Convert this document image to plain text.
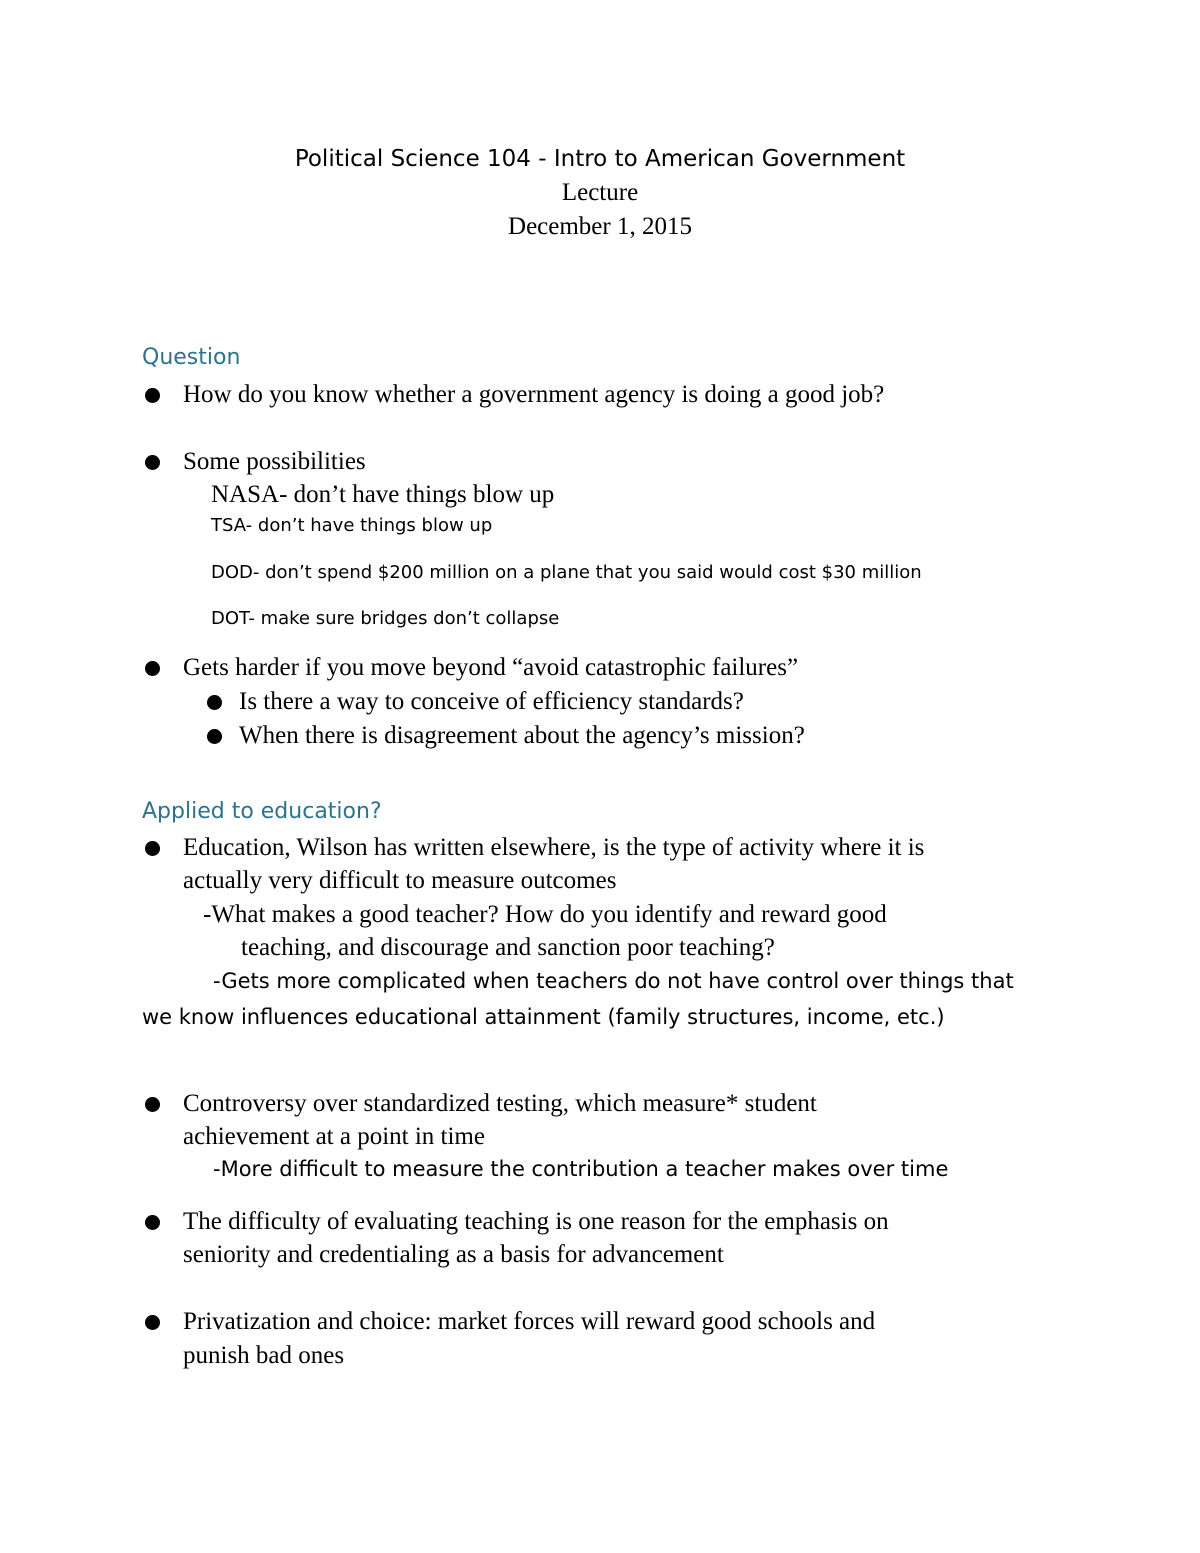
Political Science 104 - Intro to American Government
Lecture
December 1, 2015
Question
How do you know whether a government agency is doing a good job?
Some possibilities
NASA- don’t have things blow up
TSA- don’t have things blow up
DOD- don’t spend $200 million on a plane that you said would cost $30 million
DOT- make sure bridges don’t collapse
Gets harder if you move beyond “avoid catastrophic failures”
Is there a way to conceive of efficiency standards?
When there is disagreement about the agency’s mission?
Applied to education?
Education, Wilson has written elsewhere, is the type of activity where it is
actually very difficult to measure outcomes
-What makes a good teacher? How do you identify and reward good
teaching, and discourage and sanction poor teaching?
-Gets more complicated when teachers do not have control over things that
we know influences educational attainment (family structures, income, etc.)
Controversy over standardized testing, which measure* student
achievement at a point in time
-More difficult to measure the contribution a teacher makes over time
The difficulty of evaluating teaching is one reason for the emphasis on
seniority and credentialing as a basis for advancement
Privatization and choice: market forces will reward good schools and
punish bad ones
